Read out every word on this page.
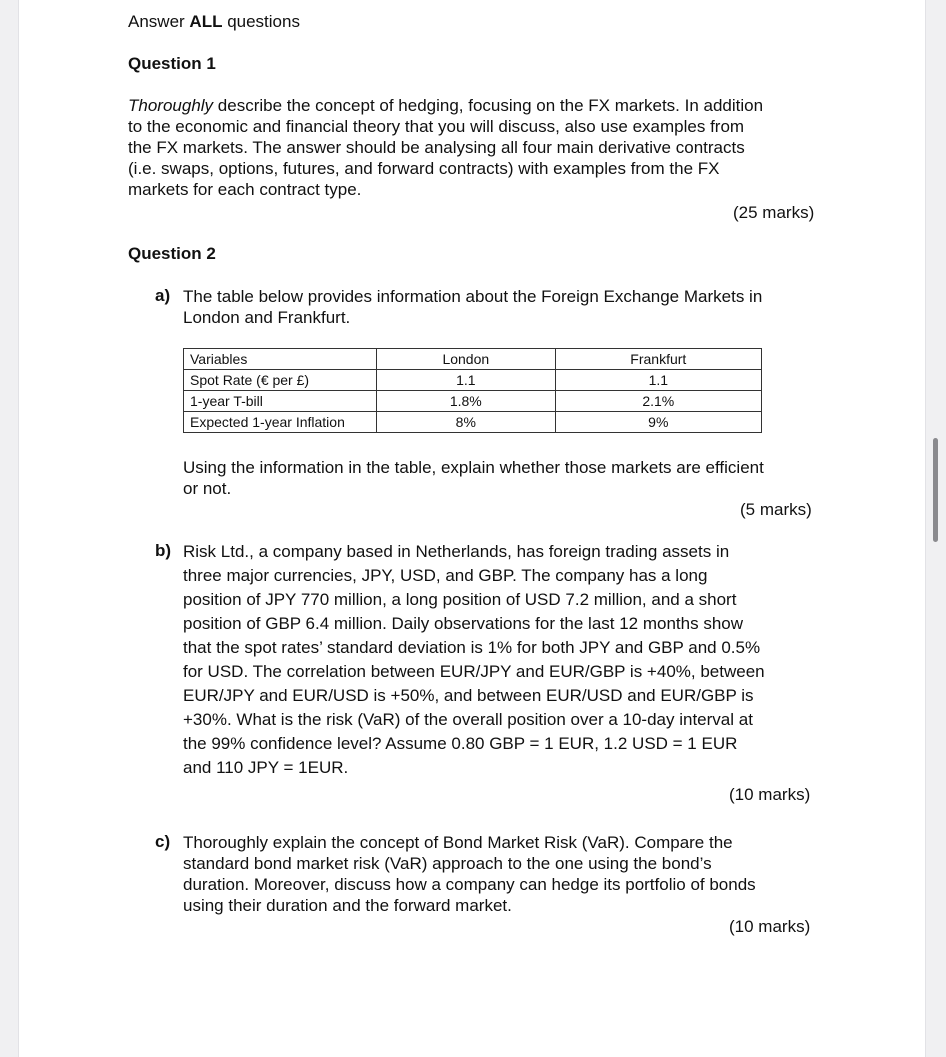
Answer ALL questions
Question 1
Thoroughly describe the concept of hedging, focusing on the FX markets. In addition
to the economic and financial theory that you will discuss, also use examples from
the FX markets. The answer should be analysing all four main derivative contracts
(i.e. swaps, options, futures, and forward contracts) with examples from the FX
markets for each contract type.
(25 marks)
Question 2
a) The table below provides information about the Foreign Exchange Markets in
London and Frankfurt.
Variables	London	Frankfurt
Spot Rate (€ per £)	1.1	1.1
1-year T-bill	1.8%	2.1%
Expected 1-year Inflation	8%	9%
Using the information in the table, explain whether those markets are efficient
or not.
(5 marks)
b) Risk Ltd., a company based in Netherlands, has foreign trading assets in
three major currencies, JPY, USD, and GBP. The company has a long
position of JPY 770 million, a long position of USD 7.2 million, and a short
position of GBP 6.4 million. Daily observations for the last 12 months show
that the spot rates’ standard deviation is 1% for both JPY and GBP and 0.5%
for USD. The correlation between EUR/JPY and EUR/GBP is +40%, between
EUR/JPY and EUR/USD is +50%, and between EUR/USD and EUR/GBP is
+30%. What is the risk (VaR) of the overall position over a 10-day interval at
the 99% confidence level? Assume 0.80 GBP = 1 EUR, 1.2 USD = 1 EUR
and 110 JPY = 1EUR.
(10 marks)
c) Thoroughly explain the concept of Bond Market Risk (VaR). Compare the
standard bond market risk (VaR) approach to the one using the bond’s
duration. Moreover, discuss how a company can hedge its portfolio of bonds
using their duration and the forward market.
(10 marks)
